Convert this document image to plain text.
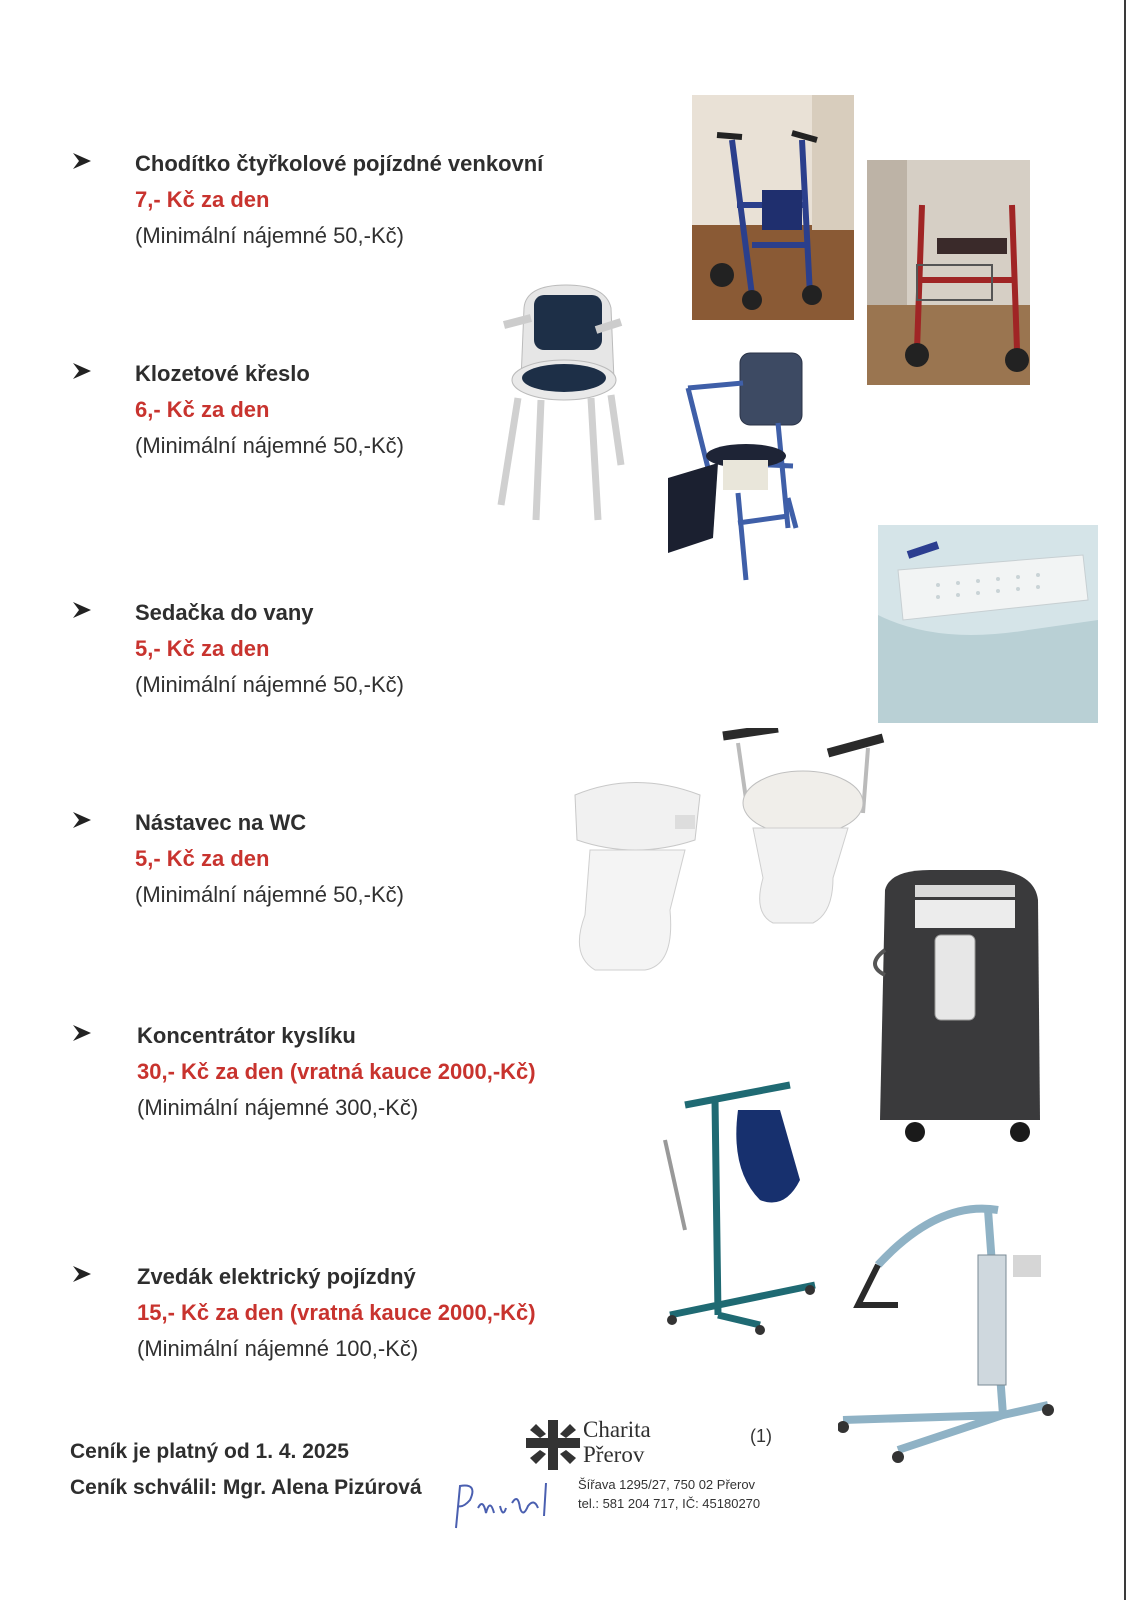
Chodítko čtyřkolové pojízdné venkovní
7,- Kč za den
(Minimální nájemné 50,-Kč)
Klozetové křeslo
6,- Kč za den
(Minimální nájemné 50,-Kč)
Sedačka do vany
5,- Kč za den
(Minimální nájemné 50,-Kč)
Nástavec na WC
5,- Kč za den
(Minimální nájemné 50,-Kč)
Koncentrátor kyslíku
30,- Kč za den (vratná kauce 2000,-Kč)
(Minimální nájemné 300,-Kč)
Zvedák elektrický pojízdný
15,- Kč za den (vratná kauce 2000,-Kč)
(Minimální nájemné 100,-Kč)
Ceník je platný od 1. 4. 2025
Ceník schválil: Mgr. Alena Pizúrová
Charita
Přerov
(1)
Šířava 1295/27, 750 02 Přerov
tel.: 581 204 717, IČ: 45180270
